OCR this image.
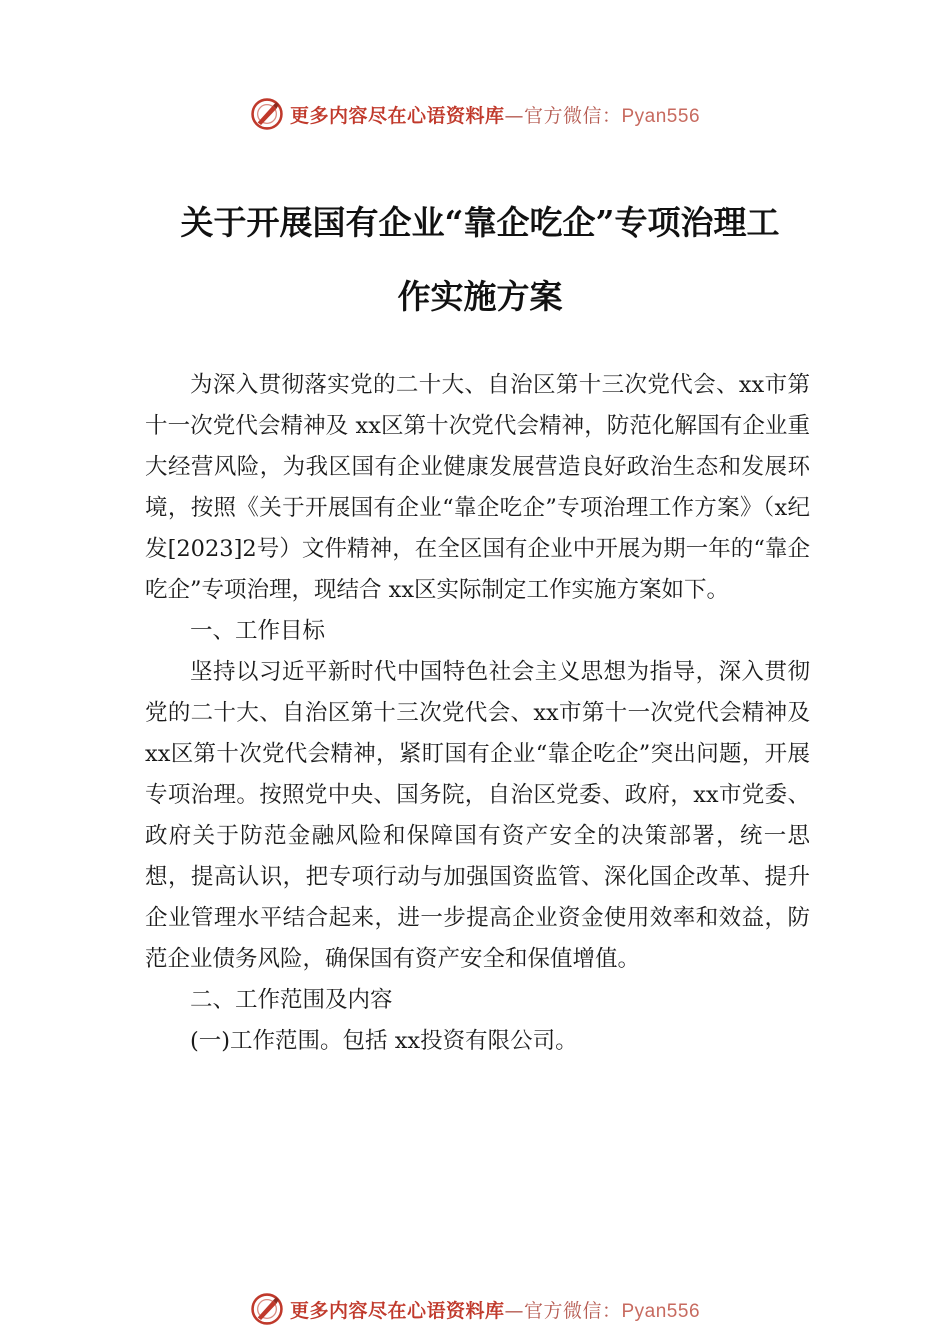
更多内容尽在心语资料库—官方微信：Pyan556
关于开展国有企业“靠企吃企”专项治理工
作实施方案

为深入贯彻落实党的二十大、自治区第十三次党代会、xx市第十一次党代会精神及 xx区第十次党代会精神，防范化解国有企业重大经营风险，为我区国有企业健康发展营造良好政治生态和发展环境，按照《关于开展国有企业“靠企吃企”专项治理工作方案》（x纪发[2023]2号）文件精神，在全区国有企业中开展为期一年的“靠企吃企”专项治理，现结合 xx区实际制定工作实施方案如下。

一、工作目标

坚持以习近平新时代中国特色社会主义思想为指导，深入贯彻党的二十大、自治区第十三次党代会、xx市第十一次党代会精神及 xx区第十次党代会精神，紧盯国有企业“靠企吃企”突出问题，开展专项治理。按照党中央、国务院，自治区党委、政府，xx市党委、政府关于防范金融风险和保障国有资产安全的决策部署，统一思想，提高认识，把专项行动与加强国资监管、深化国企改革、提升企业管理水平结合起来，进一步提高企业资金使用效率和效益，防范企业债务风险，确保国有资产安全和保值增值。

二、工作范围及内容

(一)工作范围。包括 xx投资有限公司。

更多内容尽在心语资料库—官方微信：Pyan556
